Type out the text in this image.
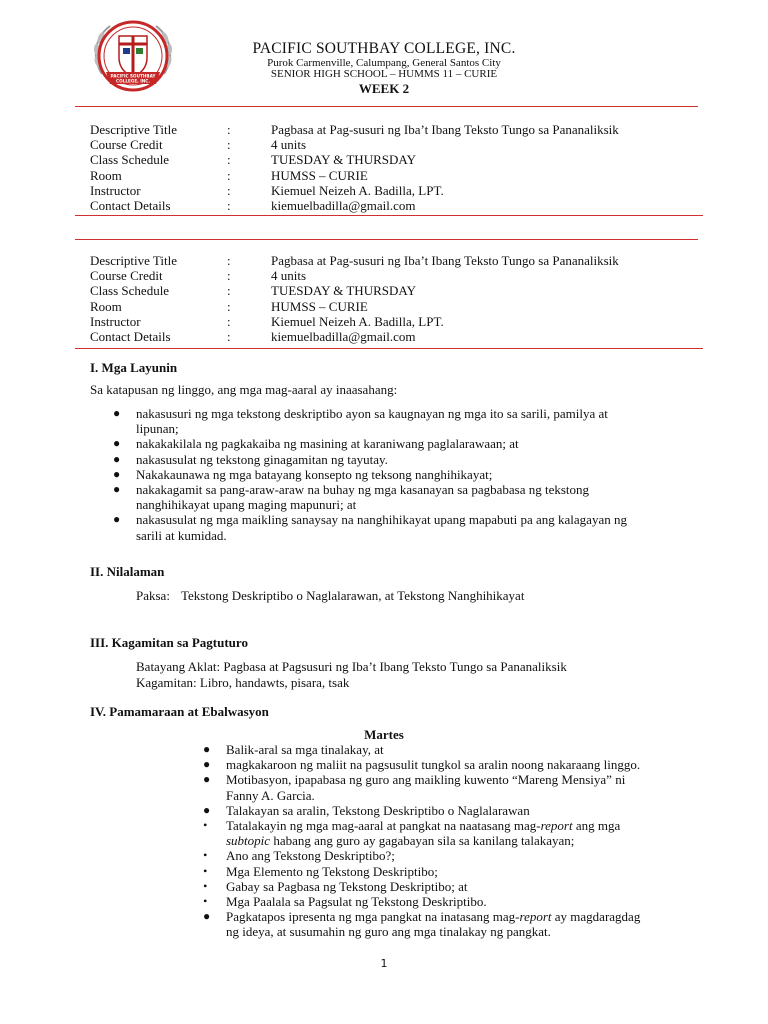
PACIFIC SOUTHBAY
COLLEGE, INC.
PACIFIC SOUTHBAY COLLEGE, INC.
Purok Carmenville, Calumpang, General Santos City
SENIOR HIGH SCHOOL – HUMMS 11 – CURIE
WEEK 2
Descriptive Title	:	Pagbasa at Pag-susuri ng Iba’t Ibang Teksto Tungo sa Pananaliksik
Course Credit	:	4 units
Class Schedule	:	TUESDAY & THURSDAY
Room	:	HUMSS – CURIE
Instructor	:	Kiemuel Neizeh A. Badilla, LPT.
Contact Details	:	kiemuelbadilla@gmail.com
Descriptive Title	:	Pagbasa at Pag-susuri ng Iba’t Ibang Teksto Tungo sa Pananaliksik
Course Credit	:	4 units
Class Schedule	:	TUESDAY & THURSDAY
Room	:	HUMSS – CURIE
Instructor	:	Kiemuel Neizeh A. Badilla, LPT.
Contact Details	:	kiemuelbadilla@gmail.com
I. Mga Layunin
Sa katapusan ng linggo, ang mga mag-aaral ay inaasahang:
● nakasusuri ng mga tekstong deskriptibo ayon sa kaugnayan ng mga ito sa sarili, pamilya at
lipunan;
● nakakakilala ng pagkakaiba ng masining at karaniwang paglalarawaan; at
● nakasusulat ng tekstong ginagamitan ng tayutay.
● Nakakaunawa ng mga batayang konsepto ng teksong nanghihikayat;
● nakakagamit sa pang-araw-araw na buhay ng mga kasanayan sa pagbabasa ng tekstong
nanghihikayat upang maging mapunuri; at
● nakasusulat ng mga maikling sanaysay na nanghihikayat upang mapabuti pa ang kalagayan ng
sarili at kumidad.
II. Nilalaman
Paksa: Tekstong Deskriptibo o Naglalarawan, at Tekstong Nanghihikayat
III. Kagamitan sa Pagtuturo
Batayang Aklat: Pagbasa at Pagsusuri ng Iba’t Ibang Teksto Tungo sa Pananaliksik
Kagamitan: Libro, handawts, pisara, tsak
IV. Pamamaraan at Ebalwasyon
Martes
● Balik-aral sa mga tinalakay, at
● magkakaroon ng maliit na pagsusulit tungkol sa aralin noong nakaraang linggo.
● Motibasyon, ipapabasa ng guro ang maikling kuwento “Mareng Mensiya” ni
Fanny A. Garcia.
● Talakayan sa aralin, Tekstong Deskriptibo o Naglalarawan
• Tatalakayin ng mga mag-aaral at pangkat na naatasang mag-report ang mga
subtopic habang ang guro ay gagabayan sila sa kanilang talakayan;
• Ano ang Tekstong Deskriptibo?;
• Mga Elemento ng Tekstong Deskriptibo;
• Gabay sa Pagbasa ng Tekstong Deskriptibo; at
• Mga Paalala sa Pagsulat ng Tekstong Deskriptibo.
● Pagkatapos ipresenta ng mga pangkat na inatasang mag-report ay magdaragdag
ng ideya, at susumahin ng guro ang mga tinalakay ng pangkat.
1
